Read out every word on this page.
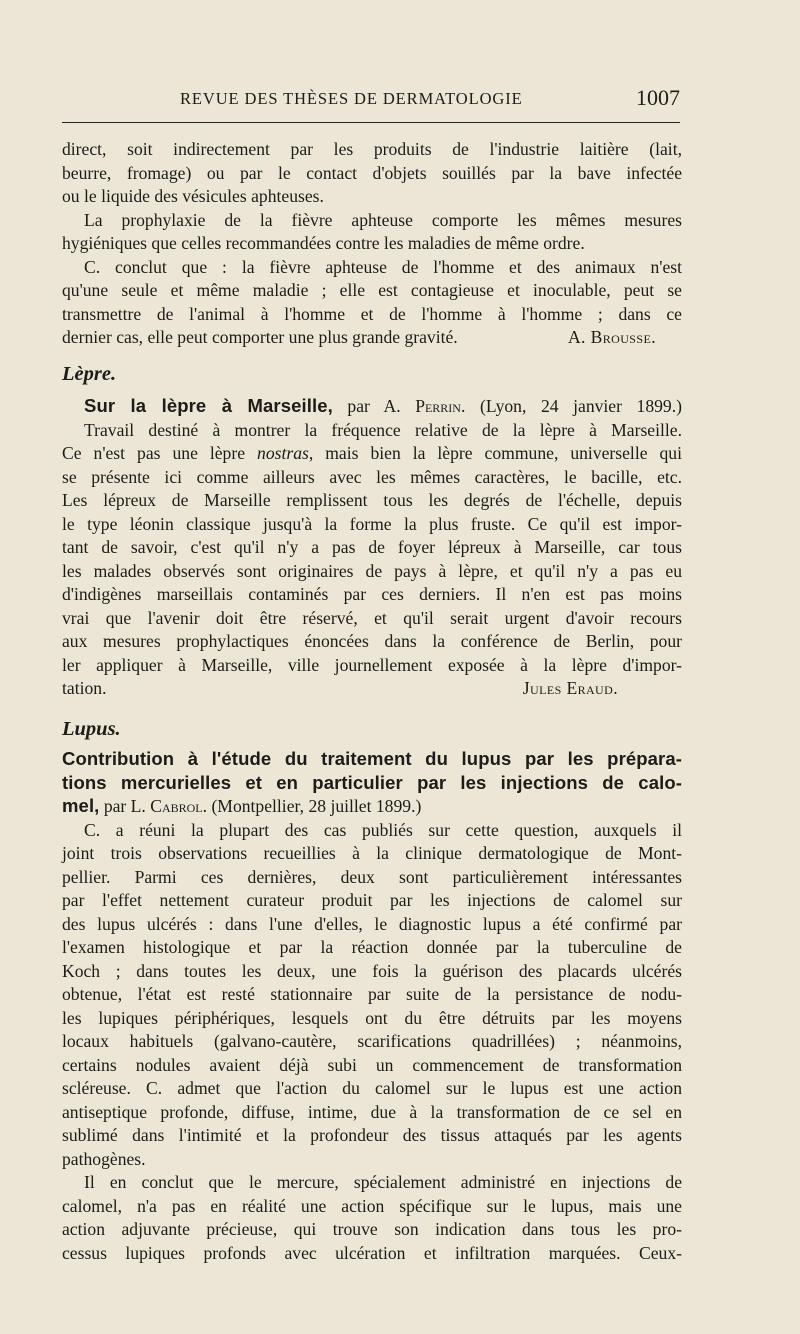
REVUE DES THÈSES DE DERMATOLOGIE	1007

direct, soit indirectement par les produits de l'industrie laitière (lait,

beurre, fromage) ou par le contact d'objets souillés par la bave infectée

ou le liquide des vésicules aphteuses.

La prophylaxie de la fièvre aphteuse comporte les mêmes mesures

hygiéniques que celles recommandées contre les maladies de même ordre.

C. conclut que : la fièvre aphteuse de l'homme et des animaux n'est

qu'une seule et même maladie ; elle est contagieuse et inoculable, peut se

transmettre de l'animal à l'homme et de l'homme à l'homme ; dans ce

dernier cas, elle peut comporter une plus grande gravité.	A. Brousse.

Lèpre.

Sur la lèpre à Marseille, par A. Perrin. (Lyon, 24 janvier 1899.)

Travail destiné à montrer la fréquence relative de la lèpre à Marseille.

Ce n'est pas une lèpre nostras, mais bien la lèpre commune, universelle qui

se présente ici comme ailleurs avec les mêmes caractères, le bacille, etc.

Les lépreux de Marseille remplissent tous les degrés de l'échelle, depuis

le type léonin classique jusqu'à la forme la plus fruste. Ce qu'il est impor-

tant de savoir, c'est qu'il n'y a pas de foyer lépreux à Marseille, car tous

les malades observés sont originaires de pays à lèpre, et qu'il n'y a pas eu

d'indigènes marseillais contaminés par ces derniers. Il n'en est pas moins

vrai que l'avenir doit être réservé, et qu'il serait urgent d'avoir recours

aux mesures prophylactiques énoncées dans la conférence de Berlin, pour

ler appliquer à Marseille, ville journellement exposée à la lèpre d'impor-

tation.	Jules Eraud.

Lupus.

Contribution à l'étude du traitement du lupus par les prépara-

tions mercurielles et en particulier par les injections de calo-

mel, par L. Cabrol. (Montpellier, 28 juillet 1899.)

C. a réuni la plupart des cas publiés sur cette question, auxquels il

joint trois observations recueillies à la clinique dermatologique de Mont-

pellier. Parmi ces dernières, deux sont particulièrement intéressantes

par l'effet nettement curateur produit par les injections de calomel sur

des lupus ulcérés : dans l'une d'elles, le diagnostic lupus a été confirmé par

l'examen histologique et par la réaction donnée par la tuberculine de

Koch ; dans toutes les deux, une fois la guérison des placards ulcérés

obtenue, l'état est resté stationnaire par suite de la persistance de nodu-

les lupiques périphériques, lesquels ont du être détruits par les moyens

locaux habituels (galvano-cautère, scarifications quadrillées) ; néanmoins,

certains nodules avaient déjà subi un commencement de transformation

scléreuse. C. admet que l'action du calomel sur le lupus est une action

antiseptique profonde, diffuse, intime, due à la transformation de ce sel en

sublimé dans l'intimité et la profondeur des tissus attaqués par les agents

pathogènes.

Il en conclut que le mercure, spécialement administré en injections de

calomel, n'a pas en réalité une action spécifique sur le lupus, mais une

action adjuvante précieuse, qui trouve son indication dans tous les pro-

cessus lupiques profonds avec ulcération et infiltration marquées. Ceux-
